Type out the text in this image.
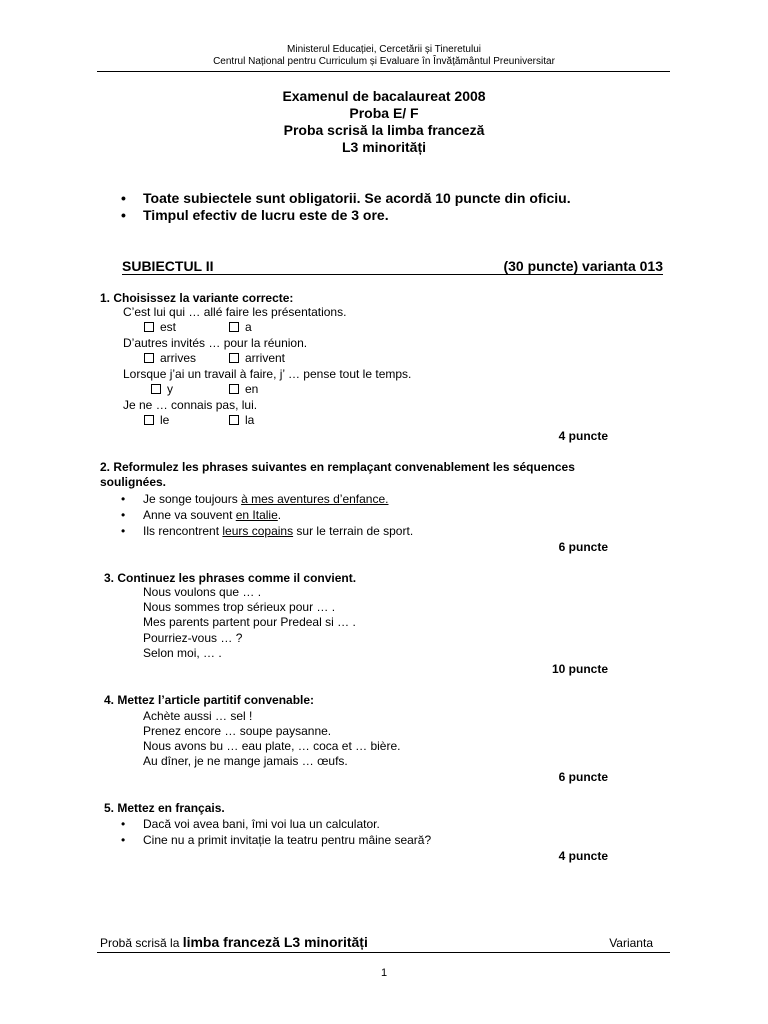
Ministerul Educației, Cercetării și Tineretului
Centrul Național pentru Curriculum și Evaluare în Învățământul Preuniversitar
Examenul de bacalaureat 2008
Proba E/ F
Proba scrisă la limba franceză
L3 minorități
• Toate subiectele sunt obligatorii. Se acordă 10 puncte din oficiu.
• Timpul efectiv de lucru este de 3 ore.
SUBIECTUL II	(30 puncte) varianta 013
1. Choisissez la variante correcte:
C’est lui qui … allé faire les présentations.
est	a
D’autres invités … pour la réunion.
arrives	arrivent
Lorsque j’ai un travail à faire, j’ … pense tout le temps.
y	en
Je ne … connais pas, lui.
le	la
4 puncte
2. Reformulez les phrases suivantes en remplaçant convenablement les séquences
soulignées.
• Je songe toujours à mes aventures d’enfance.
• Anne va souvent en Italie.
• Ils rencontrent leurs copains sur le terrain de sport.
6 puncte
3. Continuez les phrases comme il convient.
Nous voulons que … .
Nous sommes trop sérieux pour … .
Mes parents partent pour Predeal si … .
Pourriez-vous … ?
Selon moi, … .
10 puncte
4. Mettez l’article partitif convenable:
Achète aussi … sel !
Prenez encore … soupe paysanne.
Nous avons bu … eau plate, … coca et … bière.
Au dîner, je ne mange jamais … œufs.
6 puncte
5. Mettez en français.
• Dacă voi avea bani, îmi voi lua un calculator.
• Cine nu a primit invitație la teatru pentru mâine seară?
4 puncte
Probă scrisă la limba franceză L3 minorități	Varianta
1
